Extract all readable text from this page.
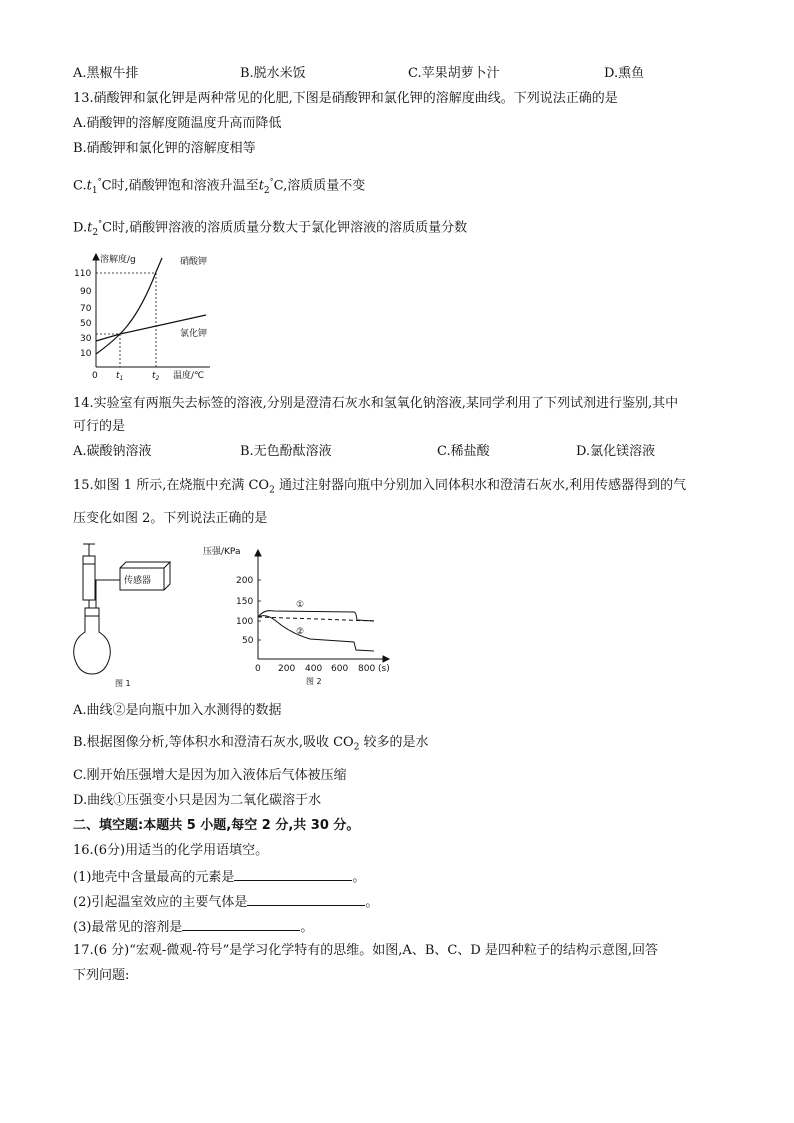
A.黑椒牛排	B.脱水米饭	C.苹果胡萝卜汁	D.熏鱼
13.硝酸钾和氯化钾是两种常见的化肥,下图是硝酸钾和氯化钾的溶解度曲线。下列说法正确的是
A.硝酸钾的溶解度随温度升高而降低
B.硝酸钾和氯化钾的溶解度相等
$C.t_1^\circ C$时,硝酸钾饱和溶液升温至$t_2^\circ C$,溶质质量不变
$D.t_2^\circ C$时,硝酸钾溶液的溶质质量分数大于氯化钾溶液的溶质质量分数
溶解度/g	硝酸钾
氯化钾
110
90
70
50
30
10
0 $t_1$	$t_2$ 温度/℃
14.实验室有两瓶失去标签的溶液,分别是澄清石灰水和氢氧化钠溶液,某同学利用了下列试剂进行鉴别,其中
可行的是
A.碳酸钠溶液	B.无色酚酞溶液	C.稀盐酸	D.氯化镁溶液
15.如图 1 所示,在烧瓶中充满 $CO_2$ 通过注射器向瓶中分别加入同体积水和澄清石灰水,利用传感器得到的气
压变化如图 2。下列说法正确的是
传感器
图 1
压强/KPa
200
150
100
50
0 200 400 600 800 (s)
①
②
图 2
A.曲线②是向瓶中加入水测得的数据
B.根据图像分析,等体积水和澄清石灰水,吸收 $CO_2$ 较多的是水
C.刚开始压强增大是因为加入液体后气体被压缩
D.曲线①压强变小只是因为二氧化碳溶于水
二、填空题:本题共 5 小题,每空 2 分,共 30 分。
16.(6分)用适当的化学用语填空。
(1)地壳中含量最高的元素是	。
(2)引起温室效应的主要气体是	。
(3)最常见的溶剂是	。
17.(6 分)“宏观-微观-符号”是学习化学特有的思维。如图,A、B、C、D 是四种粒子的结构示意图,回答
下列问题:
